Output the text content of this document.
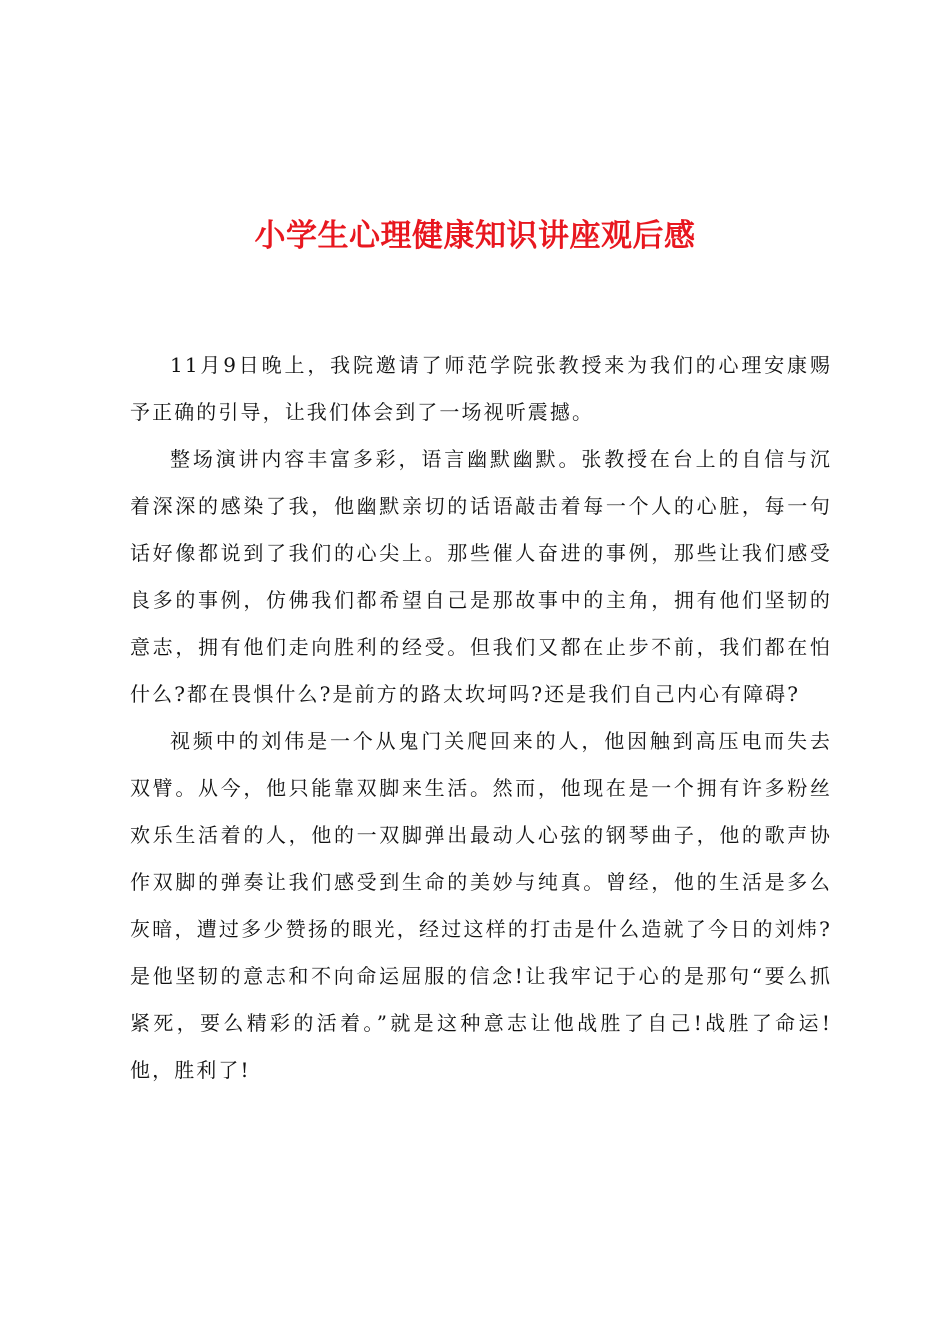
小学生心理健康知识讲座观后感

11月9日晚上，我院邀请了师范学院张教授来为我们的心理安康赐予正确的引导，让我们体会到了一场视听震撼。

整场演讲内容丰富多彩，语言幽默幽默。张教授在台上的自信与沉着深深的感染了我，他幽默亲切的话语敲击着每一个人的心脏，每一句话好像都说到了我们的心尖上。那些催人奋进的事例，那些让我们感受良多的事例，仿佛我们都希望自己是那故事中的主角，拥有他们坚韧的意志，拥有他们走向胜利的经受。但我们又都在止步不前，我们都在怕什么?都在畏惧什么?是前方的路太坎坷吗?还是我们自己内心有障碍?

视频中的刘伟是一个从鬼门关爬回来的人，他因触到高压电而失去双臂。从今，他只能靠双脚来生活。然而，他现在是一个拥有许多粉丝欢乐生活着的人，他的一双脚弹出最动人心弦的钢琴曲子，他的歌声协作双脚的弹奏让我们感受到生命的美妙与纯真。曾经，他的生活是多么灰暗，遭过多少赞扬的眼光，经过这样的打击是什么造就了今日的刘炜?是他坚韧的意志和不向命运屈服的信念!让我牢记于心的是那句“要么抓紧死，要么精彩的活着。”就是这种意志让他战胜了自己!战胜了命运!他，胜利了!
